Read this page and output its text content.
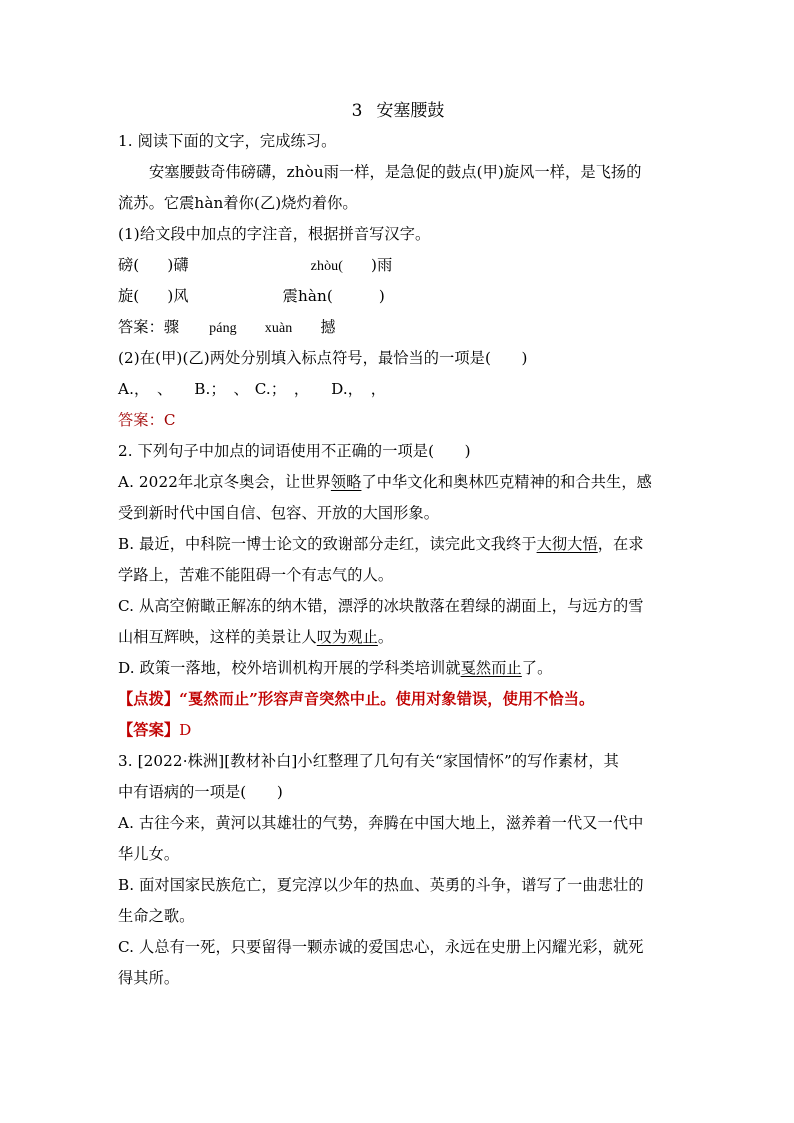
3 安塞腰鼓
1. 阅读下面的文字，完成练习。
安塞腰鼓奇伟磅礴，zhòu雨一样，是急促的鼓点(甲)旋风一样，是飞扬的
流苏。它震hàn着你(乙)烧灼着你。
(1)给文段中加点的字注音，根据拼音写汉字。
磅( )礴	zhòu( )雨
旋( )风	震hàn(	)
答案：骤 páng xuàn 撼
(2)在(甲)(乙)两处分别填入标点符号，最恰当的一项是(　　)
A.，　、 B.；　、 C.；　， D.，　，
答案：C
2. 下列句子中加点的词语使用不正确的一项是(　　)
A. 2022年北京冬奥会，让世界领略了中华文化和奥林匹克精神的和合共生，感
受到新时代中国自信、包容、开放的大国形象。
B. 最近，中科院一博士论文的致谢部分走红，读完此文我终于大彻大悟，在求
学路上，苦难不能阻碍一个有志气的人。
C. 从高空俯瞰正解冻的纳木错，漂浮的冰块散落在碧绿的湖面上，与远方的雪
山相互辉映，这样的美景让人叹为观止。
D. 政策一落地，校外培训机构开展的学科类培训就戛然而止了。
【点拨】“戛然而止”形容声音突然中止。使用对象错误，使用不恰当。
【答案】D
3. [2022·株洲][教材补白]小红整理了几句有关“家国情怀”的写作素材，其
中有语病的一项是(　　)
A. 古往今来，黄河以其雄壮的气势，奔腾在中国大地上，滋养着一代又一代中
华儿女。
B. 面对国家民族危亡，夏完淳以少年的热血、英勇的斗争，谱写了一曲悲壮的
生命之歌。
C. 人总有一死，只要留得一颗赤诚的爱国忠心，永远在史册上闪耀光彩，就死
得其所。
